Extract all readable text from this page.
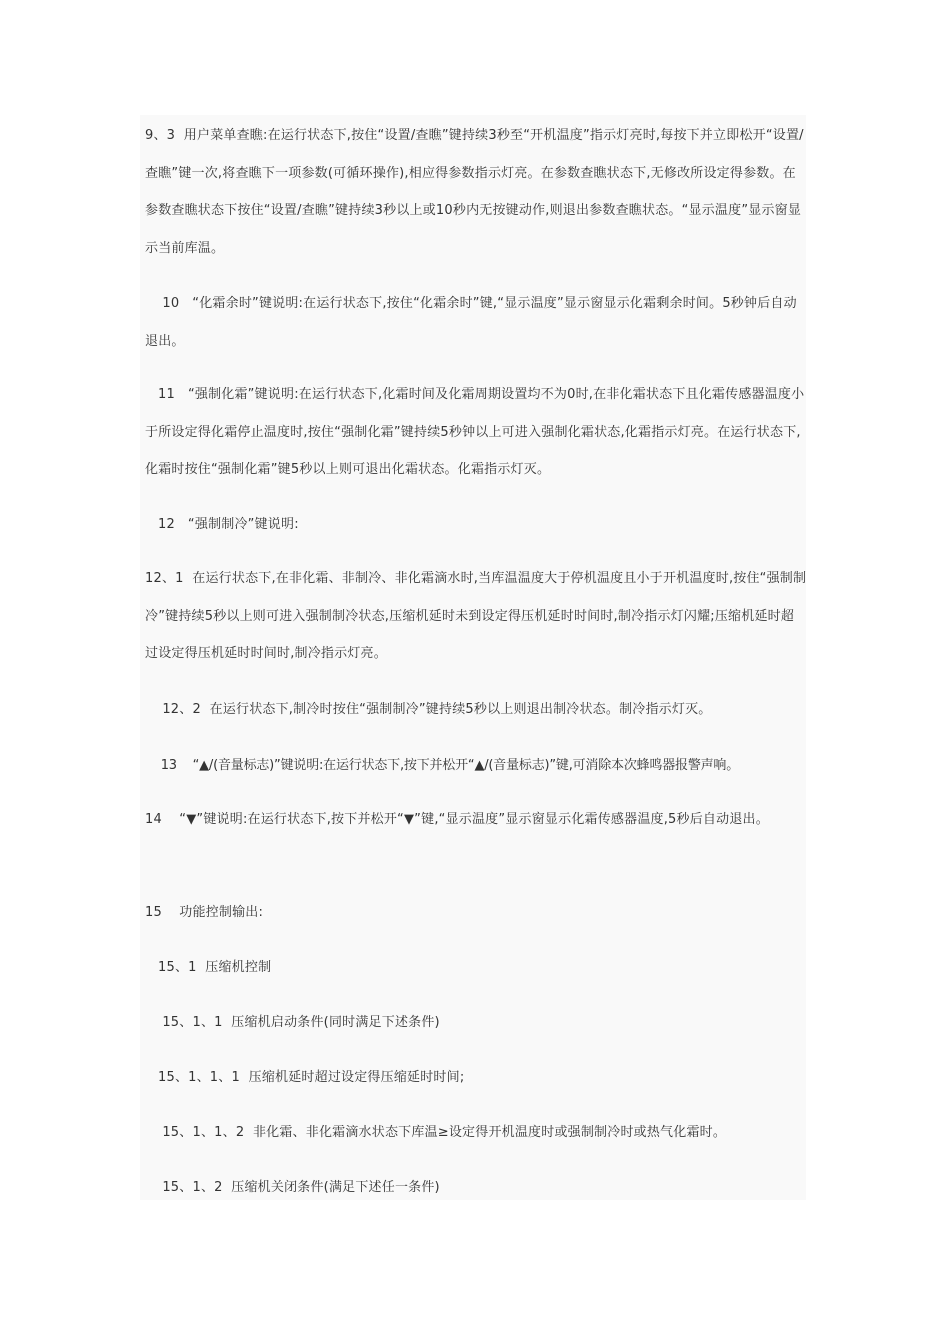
9、3  用户菜单查瞧:在运行状态下,按住“设置/查瞧”键持续3秒至“开机温度”指示灯亮时,每按下并立即松开“设置/查瞧”键一次,将查瞧下一项参数(可循环操作),相应得参数指示灯亮。在参数查瞧状态下,无修改所设定得参数。在参数查瞧状态下按住“设置/查瞧”键持续3秒以上或10秒内无按键动作,则退出参数查瞧状态。“显示温度”显示窗显示当前库温。

10   “化霜余时”键说明:在运行状态下,按住“化霜余时”键,“显示温度”显示窗显示化霜剩余时间。5秒钟后自动退出。

11   “强制化霜”键说明:在运行状态下,化霜时间及化霜周期设置均不为0时,在非化霜状态下且化霜传感器温度小于所设定得化霜停止温度时,按住“强制化霜”键持续5秒钟以上可进入强制化霜状态,化霜指示灯亮。在运行状态下,化霜时按住“强制化霜”键5秒以上则可退出化霜状态。化霜指示灯灭。

12   “强制制冷”键说明:

12、1  在运行状态下,在非化霜、非制冷、非化霜滴水时,当库温温度大于停机温度且小于开机温度时,按住“强制制冷”键持续5秒以上则可进入强制制冷状态,压缩机延时未到设定得压机延时时间时,制冷指示灯闪耀;压缩机延时超过设定得压机延时时间时,制冷指示灯亮。

12、2  在运行状态下,制冷时按住“强制制冷”键持续5秒以上则退出制冷状态。制冷指示灯灭。

13    “▲/(音量标志)”键说明:在运行状态下,按下并松开“▲/(音量标志)”键,可消除本次蜂鸣器报警声响。

14    “▼”键说明:在运行状态下,按下并松开“▼”键,“显示温度”显示窗显示化霜传感器温度,5秒后自动退出。

15    功能控制输出:

15、1  压缩机控制

15、1、1  压缩机启动条件(同时满足下述条件)

15、1、1、1  压缩机延时超过设定得压缩延时时间;

15、1、1、2  非化霜、非化霜滴水状态下库温≥设定得开机温度时或强制制冷时或热气化霜时。

15、1、2  压缩机关闭条件(满足下述任一条件)
